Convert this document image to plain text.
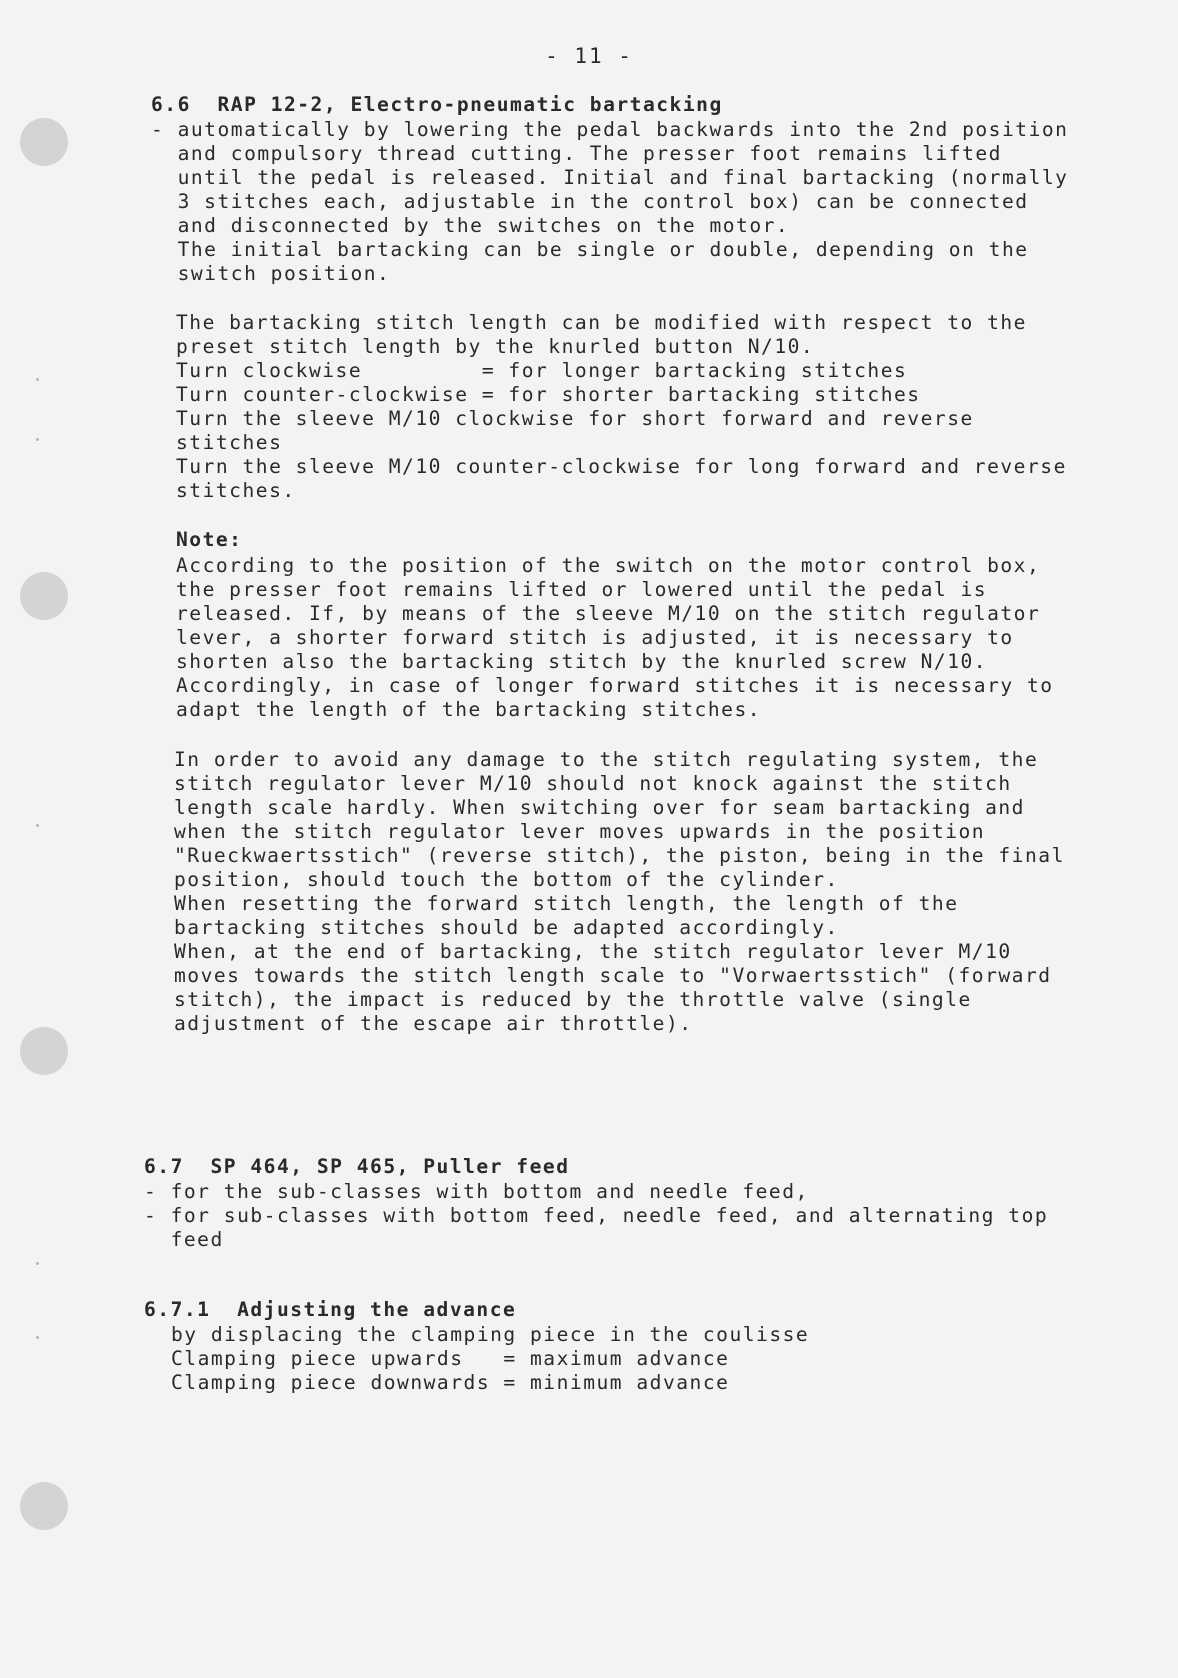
- 11 -
6.6  RAP 12-2, Electro-pneumatic bartacking
- automatically by lowering the pedal backwards into the 2nd position
and compulsory thread cutting. The presser foot remains lifted
until the pedal is released. Initial and final bartacking (normally
3 stitches each, adjustable in the control box) can be connected
and disconnected by the switches on the motor.
The initial bartacking can be single or double, depending on the
switch position.
The bartacking stitch length can be modified with respect to the
preset stitch length by the knurled button N/10.
Turn clockwise         = for longer bartacking stitches
Turn counter-clockwise = for shorter bartacking stitches
Turn the sleeve M/10 clockwise for short forward and reverse
stitches
Turn the sleeve M/10 counter-clockwise for long forward and reverse
stitches.
Note:
According to the position of the switch on the motor control box,
the presser foot remains lifted or lowered until the pedal is
released. If, by means of the sleeve M/10 on the stitch regulator
lever, a shorter forward stitch is adjusted, it is necessary to
shorten also the bartacking stitch by the knurled screw N/10.
Accordingly, in case of longer forward stitches it is necessary to
adapt the length of the bartacking stitches.
In order to avoid any damage to the stitch regulating system, the
stitch regulator lever M/10 should not knock against the stitch
length scale hardly. When switching over for seam bartacking and
when the stitch regulator lever moves upwards in the position
"Rueckwaertsstich" (reverse stitch), the piston, being in the final
position, should touch the bottom of the cylinder.
When resetting the forward stitch length, the length of the
bartacking stitches should be adapted accordingly.
When, at the end of bartacking, the stitch regulator lever M/10
moves towards the stitch length scale to "Vorwaertsstich" (forward
stitch), the impact is reduced by the throttle valve (single
adjustment of the escape air throttle).
6.7  SP 464, SP 465, Puller feed
- for the sub-classes with bottom and needle feed,
- for sub-classes with bottom feed, needle feed, and alternating top
feed
6.7.1  Adjusting the advance
by displacing the clamping piece in the coulisse
Clamping piece upwards   = maximum advance
Clamping piece downwards = minimum advance
